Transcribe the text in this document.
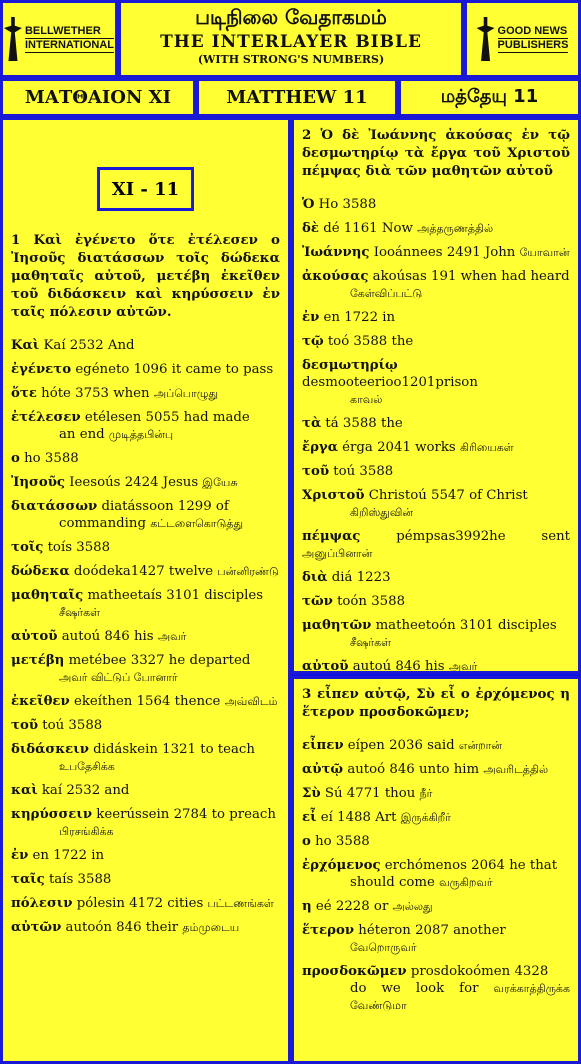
BELLWETHER
INTERNATIONAL
படிநிலை வேதாகமம்
THE INTERLAYER BIBLE
(WITH STRONG'S NUMBERS)
GOOD NEWS
PUBLISHERS
ΜΑΤΘΑΙΟΝ ΧΙ	MATTHEW 11	மத்தேயு 11

1 Καὶ ἐγένετο ὅτε ἐτέλεσεν ο Ἰησοῦς διατάσσων τοῖς δώδεκα μαθηταῖς αὐτοῦ, μετέβη ἐκεῖθεν τοῦ διδάσκειν καὶ κηρύσσειν ἐν ταῖς πόλεσιν αὐτῶν.

Καὶ Kaí 2532 And
ἐγένετο egéneto 1096 it came to pass
ὅτε hóte 3753 when அப்பொழுது
ἐτέλεσεν etélesen 5055 had made
an end முடித்தபின்பு
ο ho 3588
Ἰησοῦς Ieesoús 2424 Jesus இயேசு
διατάσσων diatássoon 1299 of
commanding கட்டளைகொடுத்து
τοῖς toís 3588
δώδεκα doódeka1427 twelve பன்னிரண்டு
μαθηταῖς matheetaís 3101 disciples
சீஷர்கள்
αὐτοῦ autoú 846 his அவர்
μετέβη metébee 3327 he departed
அவர் விட்டுப் போனார்
ἐκεῖθεν ekeíthen 1564 thence அவ்விடம்
τοῦ toú 3588
διδάσκειν didáskein 1321 to teach
உபதேசிக்க
καὶ kaí 2532 and
κηρύσσειν keerússein 2784 to preach
பிரசங்கிக்க
ἐν en 1722 in
ταῖς taís 3588
πόλεσιν pólesin 4172 cities பட்டணங்கள்
αὐτῶν autoón 846 their தம்முடைய
XI - 11

2 Ὁ δὲ Ἰωάννης ἀκούσας ἐν τῷ δεσμωτηρίῳ τὰ ἔργα τοῦ Χριστοῦ πέμψας διὰ τῶν μαθητῶν αὐτοῦ

Ὁ Ho 3588
δὲ dé 1161 Now அத்தருணத்தில்
Ἰωάννης Iooánnees 2491 John யோவான்
ἀκούσας akoúsas 191 when had heard
கேள்விப்பட்டு
ἐν en 1722 in
τῷ toó 3588 the
δεσμωτηρίῳ desmooteerioo1201prison
காவல்
τὰ tá 3588 the
ἔργα érga 2041 works கிரியைகள்
τοῦ toú 3588
Χριστοῦ Christoú 5547 of Christ
கிறிஸ்துவின்
πέμψας	pémpsas3992he sent அனுப்பினான்
διὰ diá 1223
τῶν toón 3588
μαθητῶν matheetoón 3101 disciples
சீஷர்கள்
αὐτοῦ autoú 846 his அவர்

3 εἶπεν αὐτῷ, Σὺ εἶ ο ἐρχόμενος η ἕτερον προσδοκῶμεν;

εἶπεν eípen 2036 said என்றான்
αὐτῷ autoó 846 unto him அவரிடத்தில்
Σὺ Sú 4771 thou நீர்
εἶ eí 1488 Art இருக்கிறீர்
ο ho 3588
ἐρχόμενος erchómenos 2064 he that
should come வருகிறவர்
η eé 2228 or அல்லது
ἕτερον héteron 2087 another
வேறொருவர்
προσδοκῶμεν prosdokoómen 4328
do we look for வரக்காத்திருக்க வேண்டுமா
